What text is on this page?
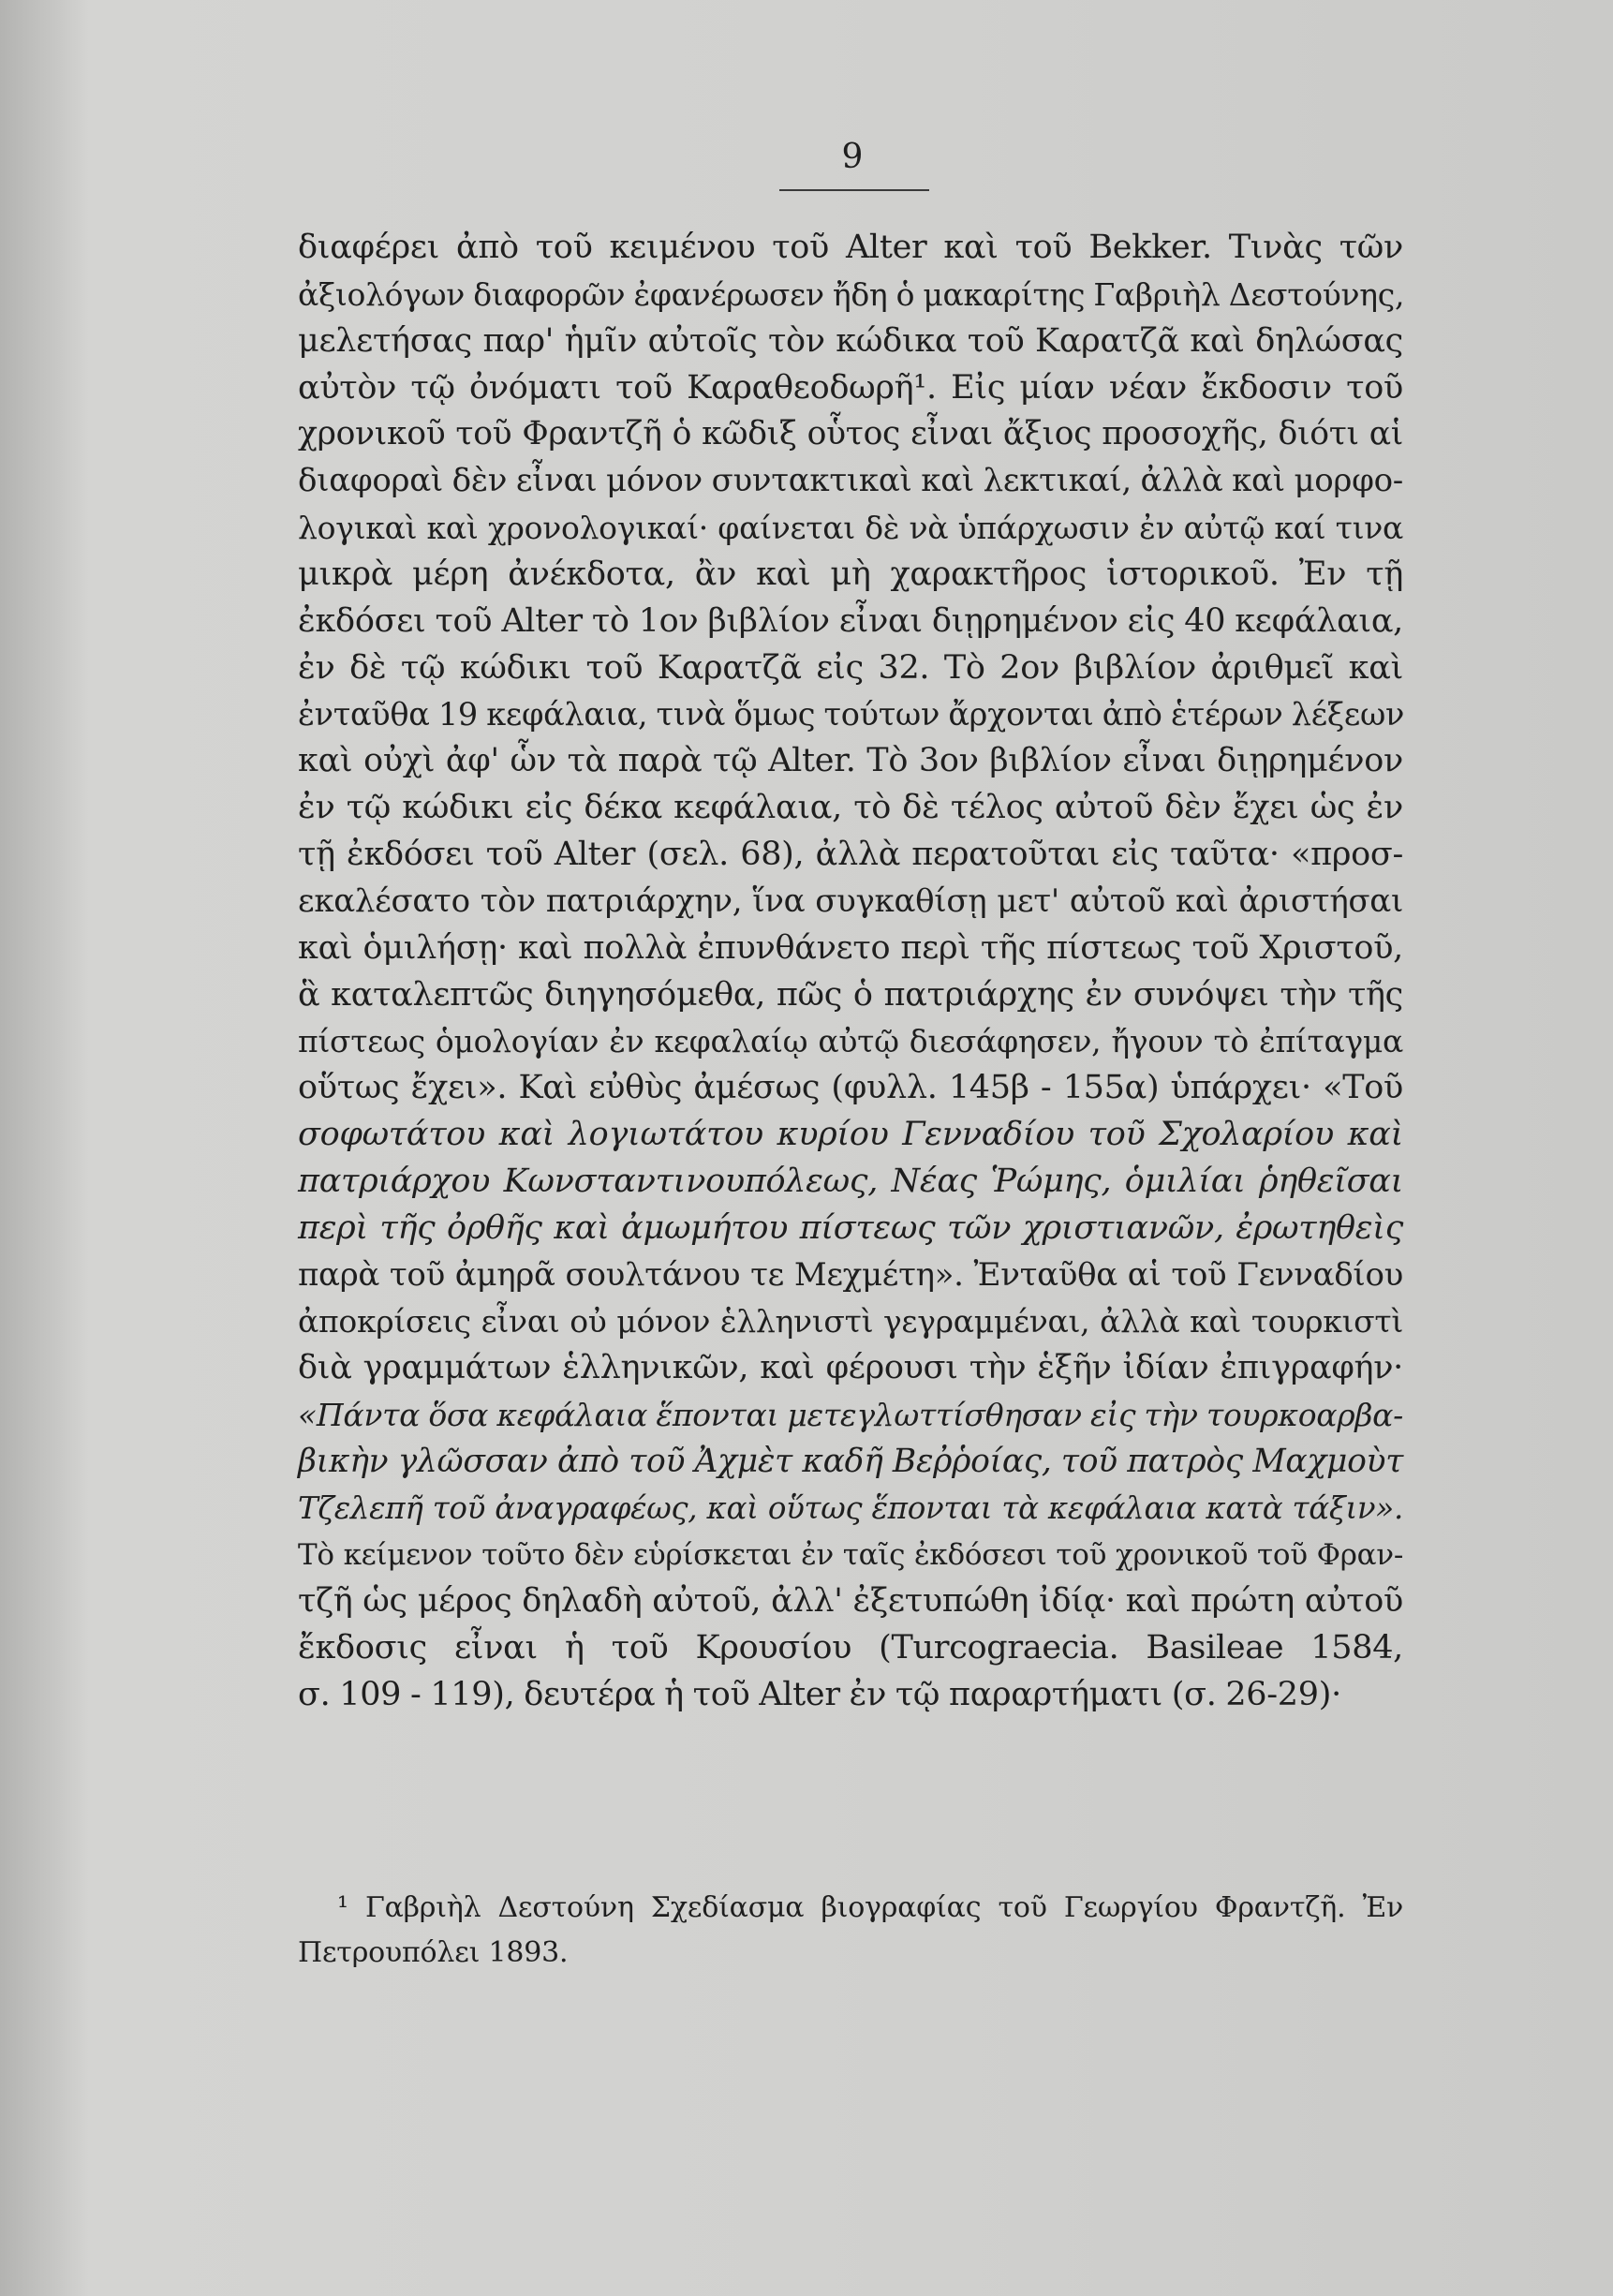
9
διαφέρει ἀπὸ τοῦ κειμένου τοῦ Alter καὶ τοῦ Bekker. Τινὰς τῶν
ἀξιολόγων διαφορῶν ἐφανέρωσεν ἤδη ὁ μακαρίτης Γαβριὴλ Δεστούνης,
μελετήσας παρ' ἡμῖν αὐτοῖς τὸν κώδικα τοῦ Καρατζᾶ καὶ δηλώσας
αὐτὸν τῷ ὀνόματι τοῦ Καραθεοδωρῆ¹. Εἰς μίαν νέαν ἔκδοσιν τοῦ
χρονικοῦ τοῦ Φραντζῆ ὁ κῶδιξ οὗτος εἶναι ἄξιος προσοχῆς, διότι αἱ
διαφοραὶ δὲν εἶναι μόνον συντακτικαὶ καὶ λεκτικαί, ἀλλὰ καὶ μορφο-
λογικαὶ καὶ χρονολογικαί· φαίνεται δὲ νὰ ὑπάρχωσιν ἐν αὐτῷ καί τινα
μικρὰ μέρη ἀνέκδοτα, ἂν καὶ μὴ χαρακτῆρος ἱστορικοῦ. Ἐν τῇ
ἐκδόσει τοῦ Alter τὸ 1ον βιβλίον εἶναι διῃρημένον εἰς 40 κεφάλαια,
ἐν δὲ τῷ κώδικι τοῦ Καρατζᾶ εἰς 32. Τὸ 2ον βιβλίον ἀριθμεῖ καὶ
ἐνταῦθα 19 κεφάλαια, τινὰ ὅμως τούτων ἄρχονται ἀπὸ ἑτέρων λέξεων
καὶ οὐχὶ ἀφ' ὧν τὰ παρὰ τῷ Alter. Τὸ 3ον βιβλίον εἶναι διῃρημένον
ἐν τῷ κώδικι εἰς δέκα κεφάλαια, τὸ δὲ τέλος αὐτοῦ δὲν ἔχει ὡς ἐν
τῇ ἐκδόσει τοῦ Alter (σελ. 68), ἀλλὰ περατοῦται εἰς ταῦτα· «προσ-
εκαλέσατο τὸν πατριάρχην, ἵνα συγκαθίσῃ μετ' αὐτοῦ καὶ ἀριστήσαι
καὶ ὁμιλήσῃ· καὶ πολλὰ ἐπυνθάνετο περὶ τῆς πίστεως τοῦ Χριστοῦ,
ἃ καταλεπτῶς διηγησόμεθα, πῶς ὁ πατριάρχης ἐν συνόψει τὴν τῆς
πίστεως ὁμολογίαν ἐν κεφαλαίῳ αὐτῷ διεσάφησεν, ἤγουν τὸ ἐπίταγμα
οὕτως ἔχει». Καὶ εὐθὺς ἀμέσως (φυλλ. 145β - 155α) ὑπάρχει· «Τοῦ
σοφωτάτου καὶ λογιωτάτου κυρίου Γενναδίου τοῦ Σχολαρίου καὶ
πατριάρχου Κωνσταντινουπόλεως, Νέας Ῥώμης, ὁμιλίαι ῥηθεῖσαι
περὶ τῆς ὀρθῆς καὶ ἀμωμήτου πίστεως τῶν χριστιανῶν, ἐρωτηθεὶς
παρὰ τοῦ ἀμηρᾶ σουλτάνου τε Μεχμέτη». Ἐνταῦθα αἱ τοῦ Γενναδίου
ἀποκρίσεις εἶναι οὐ μόνον ἑλληνιστὶ γεγραμμέναι, ἀλλὰ καὶ τουρκιστὶ
διὰ γραμμάτων ἑλληνικῶν, καὶ φέρουσι τὴν ἑξῆν ἰδίαν ἐπιγραφήν·
«Πάντα ὅσα κεφάλαια ἕπονται μετεγλωττίσθησαν εἰς τὴν τουρκοαρβα-
βικὴν γλῶσσαν ἀπὸ τοῦ Ἀχμὲτ καδῆ Βεῤῥοίας, τοῦ πατρὸς Μαχμοὺτ
Τζελεπῆ τοῦ ἀναγραφέως, καὶ οὕτως ἕπονται τὰ κεφάλαια κατὰ τάξιν».
Τὸ κείμενον τοῦτο δὲν εὑρίσκεται ἐν ταῖς ἐκδόσεσι τοῦ χρονικοῦ τοῦ Φραν-
τζῆ ὡς μέρος δηλαδὴ αὐτοῦ, ἀλλ' ἐξετυπώθη ἰδίᾳ· καὶ πρώτη αὐτοῦ
ἔκδοσις εἶναι ἡ τοῦ Κρουσίου (Turcograecia. Basileae 1584,
σ. 109 - 119), δευτέρα ἡ τοῦ Alter ἐν τῷ παραρτήματι (σ. 26-29)·
¹ Γαβριὴλ Δεστούνη Σχεδίασμα βιογραφίας τοῦ Γεωργίου Φραντζῆ. Ἐν
Πετρουπόλει 1893.
